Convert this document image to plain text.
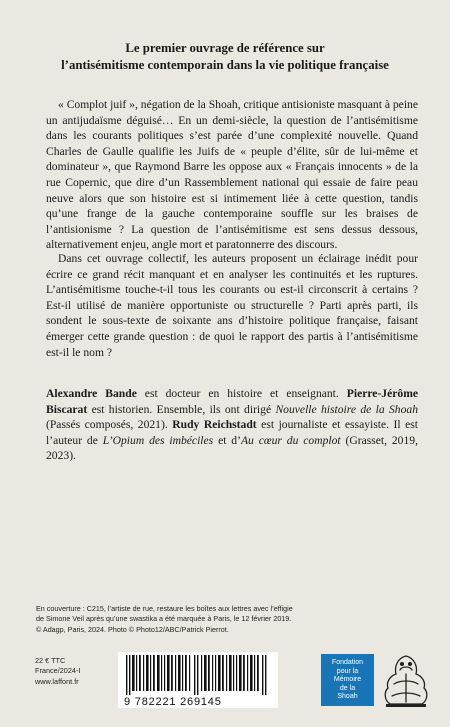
Le premier ouvrage de référence sur
l’antisémitisme contemporain dans la vie politique française

« Complot juif », négation de la Shoah, critique antisioniste masquant à peine un antijudaïsme déguisé… En un demi-siècle, la question de l’antisémitisme dans les courants politiques s’est parée d’une complexité nouvelle. Quand Charles de Gaulle qualifie les Juifs de « peuple d’élite, sûr de lui-même et dominateur », que Raymond Barre les oppose aux « Français innocents » de la rue Copernic, que dire d’un Rassemblement national qui essaie de faire peau neuve alors que son histoire est si intimement liée à cette question, tandis qu’une frange de la gauche contemporaine souffle sur les braises de l’antisionisme ? La question de l’antisémitisme est sens dessus dessous, alternativement enjeu, angle mort et paratonnerre des discours.

Dans cet ouvrage collectif, les auteurs proposent un éclairage inédit pour écrire ce grand récit manquant et en analyser les continuités et les ruptures. L’antisémitisme touche-t-il tous les courants ou est-il circonscrit à certains ? Est-il utilisé de manière opportuniste ou structurelle ? Parti après parti, ils sondent le sous-texte de soixante ans d’histoire politique française, faisant émerger cette grande question : de quoi le rapport des partis à l’antisémitisme est-il le nom ?

Alexandre Bande est docteur en histoire et enseignant. Pierre-Jérôme Biscarat est historien. Ensemble, ils ont dirigé Nouvelle histoire de la Shoah (Passés composés, 2021). Rudy Reichstadt est journaliste et essayiste. Il est l’auteur de L’Opium des imbéciles et d’Au cœur du complot (Grasset, 2019, 2023).

En couverture : C215, l’artiste de rue, restaure les boîtes aux lettres avec l’effigie
de Simone Veil après qu’une swastika a été marquée à Paris, le 12 février 2019.
© Adagp, Paris, 2024. Photo © Photo12/ABC/Patrick Pierrot.
22 € TTC
France/2024-I
www.laffont.fr
9 782221 269145
Fondation
pour la
Mémoire
de la
Shoah
